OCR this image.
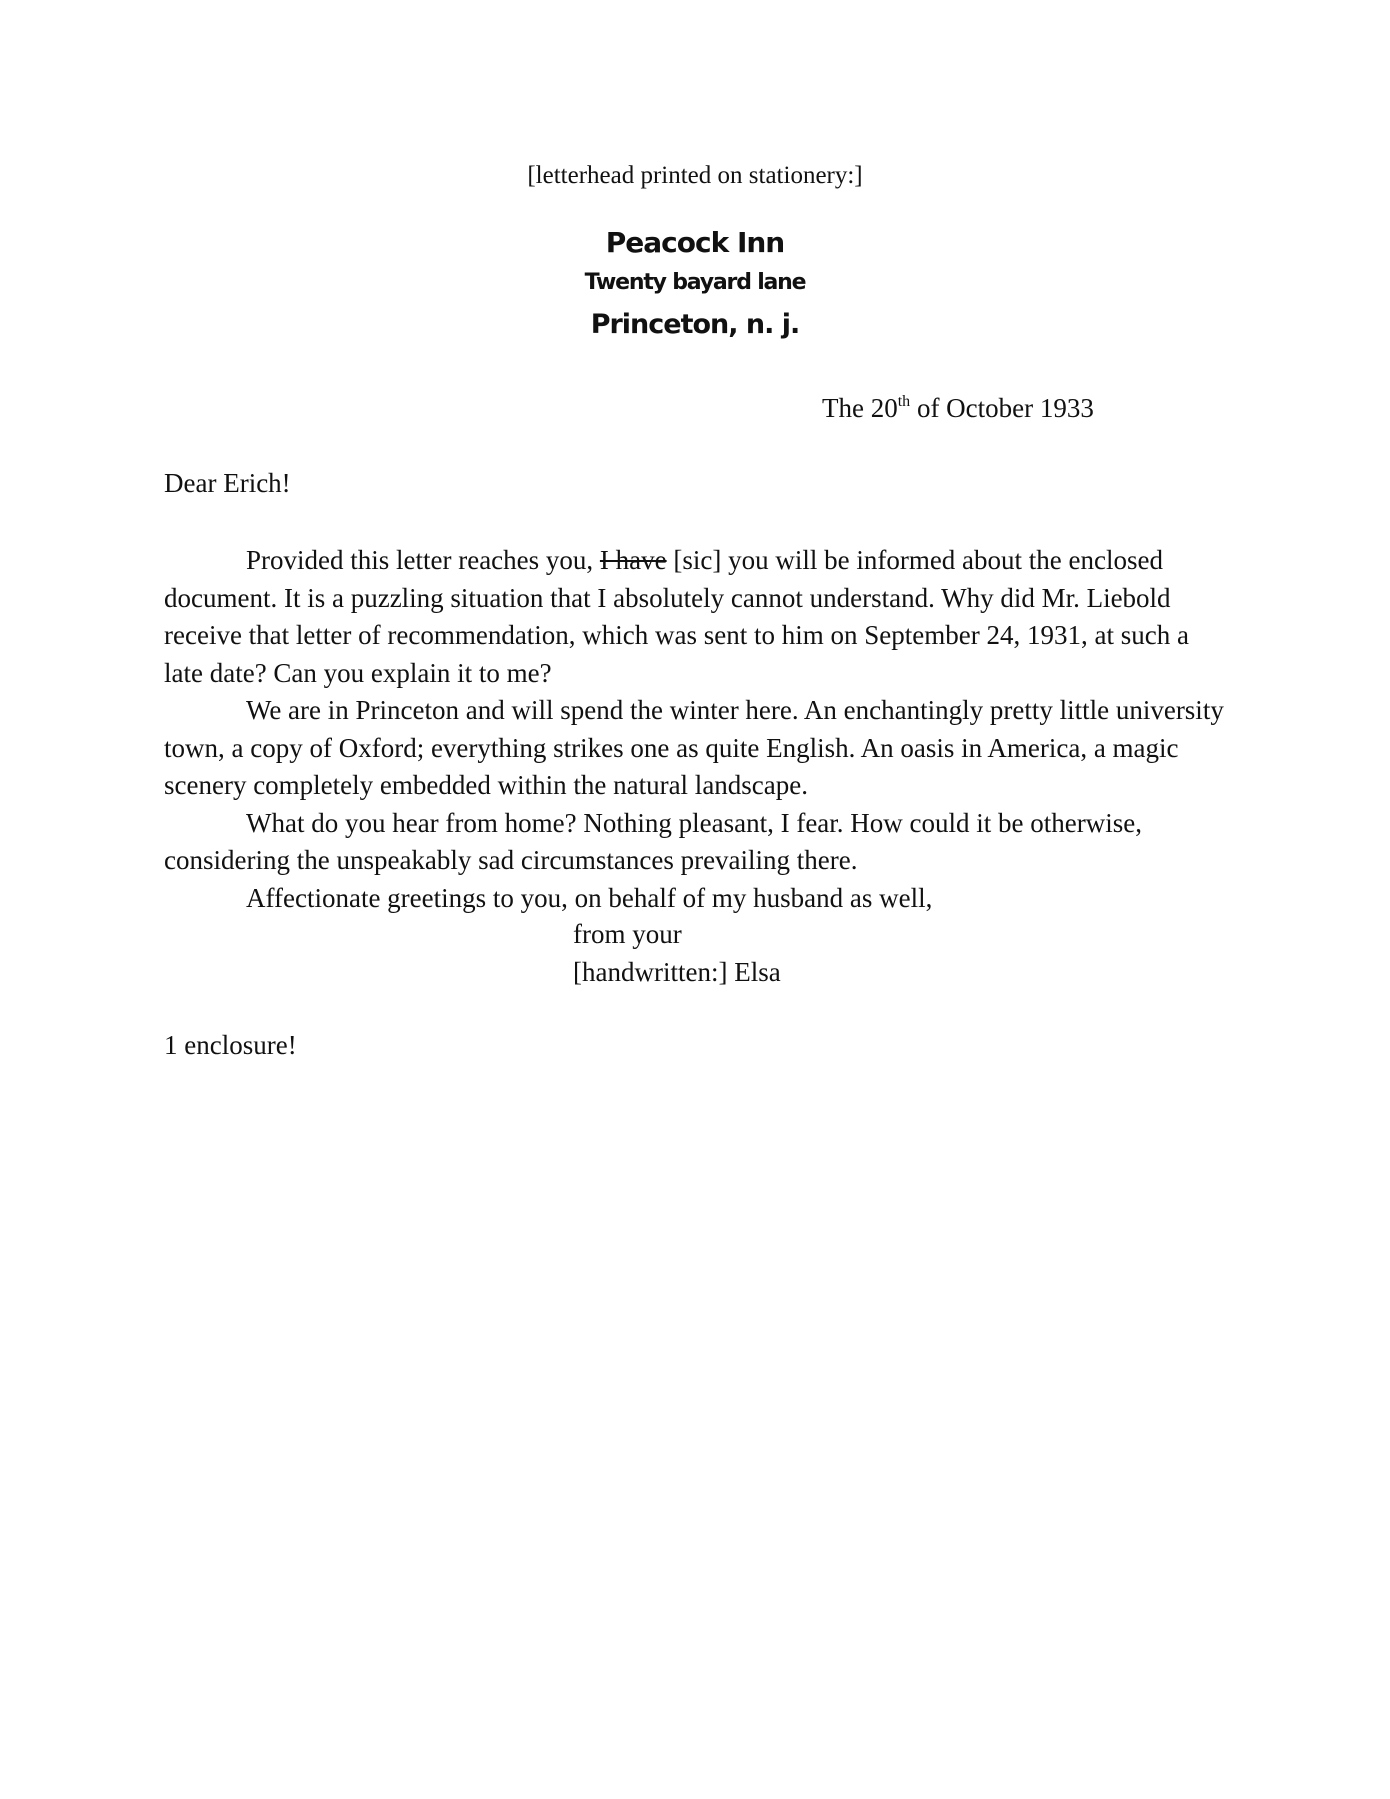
[letterhead printed on stationery:]
Peacock Inn
Twenty bayard lane
Princeton, n. j.
The 20th of October 1933
Dear Erich!

Provided this letter reaches you, I have [sic] you will be informed about the enclosed document. It is a puzzling situation that I absolutely cannot understand. Why did Mr. Liebold receive that letter of recommendation, which was sent to him on September 24, 1931, at such a late date? Can you explain it to me?

We are in Princeton and will spend the winter here. An enchantingly pretty little university town, a copy of Oxford; everything strikes one as quite English. An oasis in America, a magic scenery completely embedded within the natural landscape.

What do you hear from home? Nothing pleasant, I fear. How could it be otherwise, considering the unspeakably sad circumstances prevailing there.

Affectionate greetings to you, on behalf of my husband as well,

from your
[handwritten:] Elsa
1 enclosure!
